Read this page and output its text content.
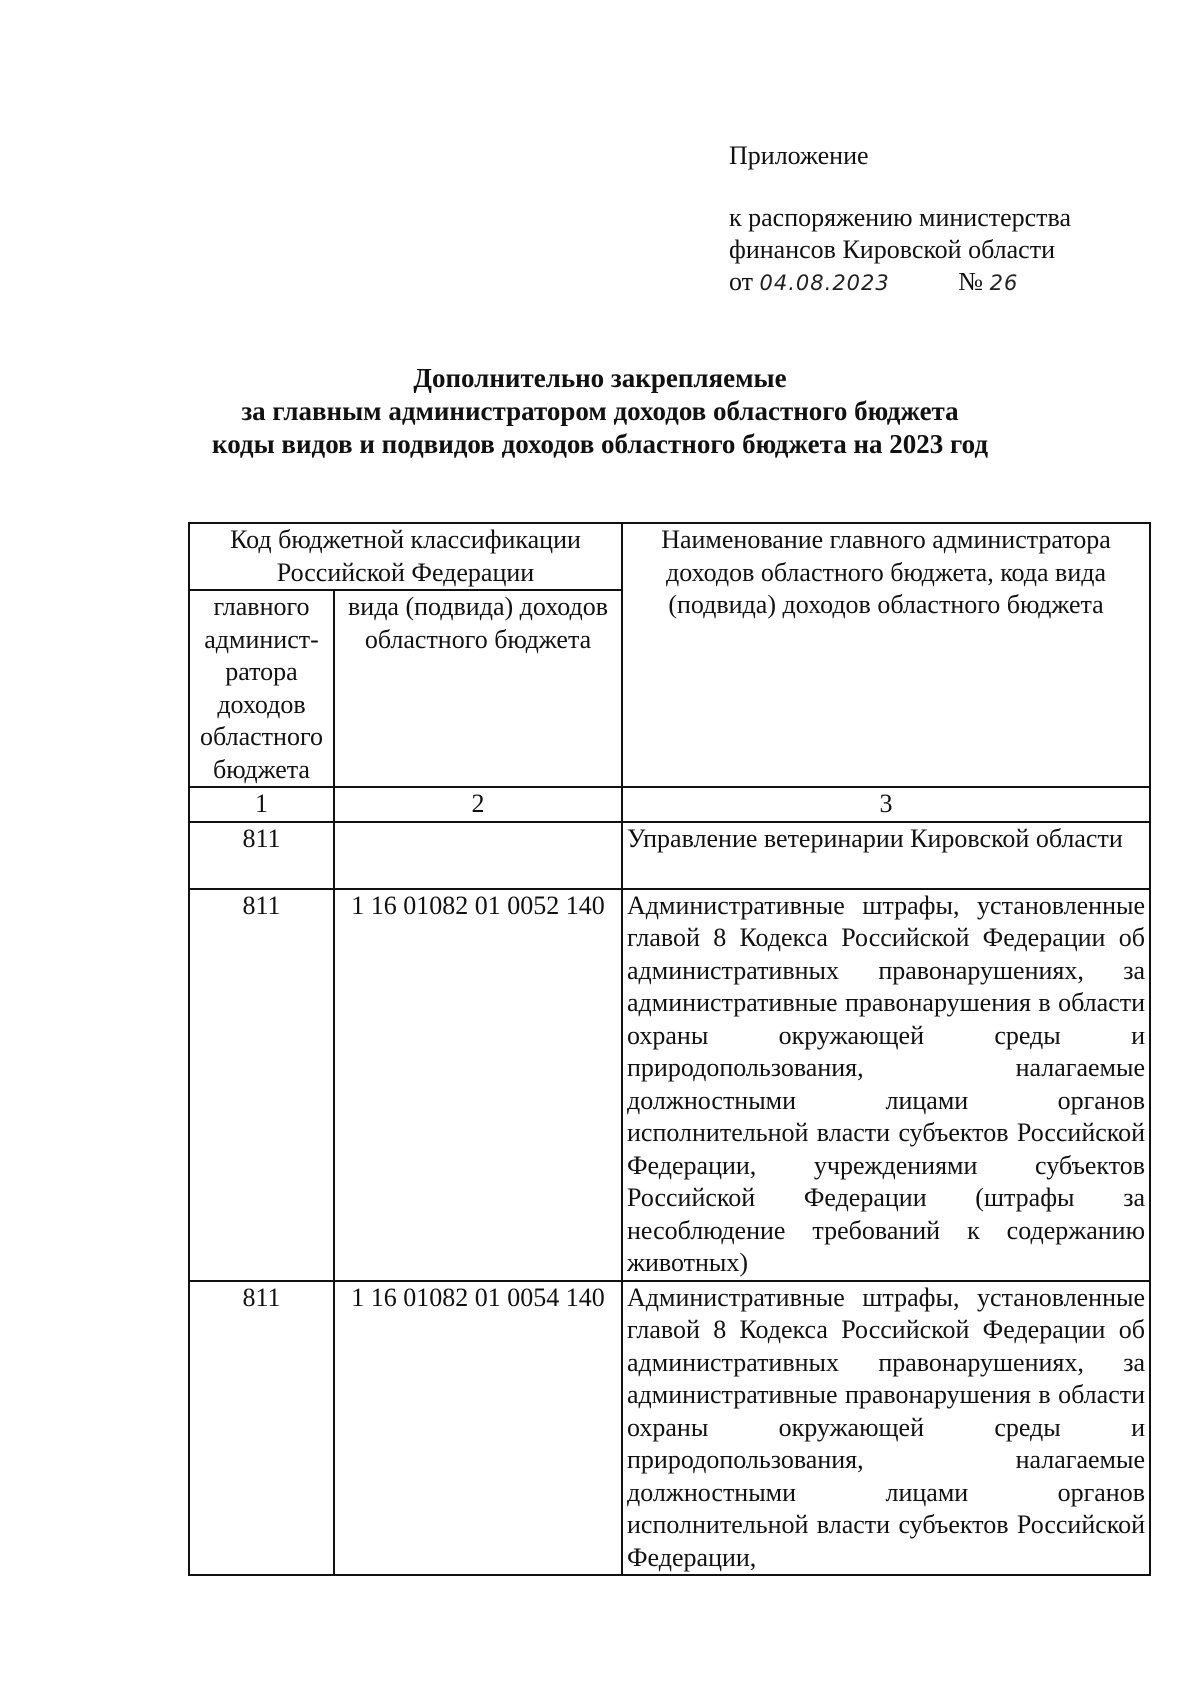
Приложение
к распоряжению министерства
финансов Кировской области
от 04.08.2023	№ 26
Дополнительно закрепляемые
за главным администратором доходов областного бюджета
коды видов и подвидов доходов областного бюджета на 2023 год
Код бюджетной классификации Российской Федерации		Наименование главного администратора доходов областного бюджета, кода вида (подвида) доходов областного бюджета
главного админист-ратора доходов областного бюджета	вида (подвида) доходов областного бюджета	
1	2	3
811		Управление ветеринарии Кировской области
811	1 16 01082 01 0052 140	Административные штрафы, установленные главой 8 Кодекса Российской Федерации об административных правонарушениях, за административные правонарушения в области охраны окружающей среды и природопользования, налагаемые должностными лицами органов исполнительной власти субъектов Российской Федерации, учреждениями субъектов Российской Федерации (штрафы за несоблюдение требований к содержанию животных)
811	1 16 01082 01 0054 140	Административные штрафы, установленные главой 8 Кодекса Российской Федерации об административных правонарушениях, за административные правонарушения в области охраны окружающей среды и природопользования, налагаемые должностными лицами органов исполнительной власти субъектов Российской Федерации,
